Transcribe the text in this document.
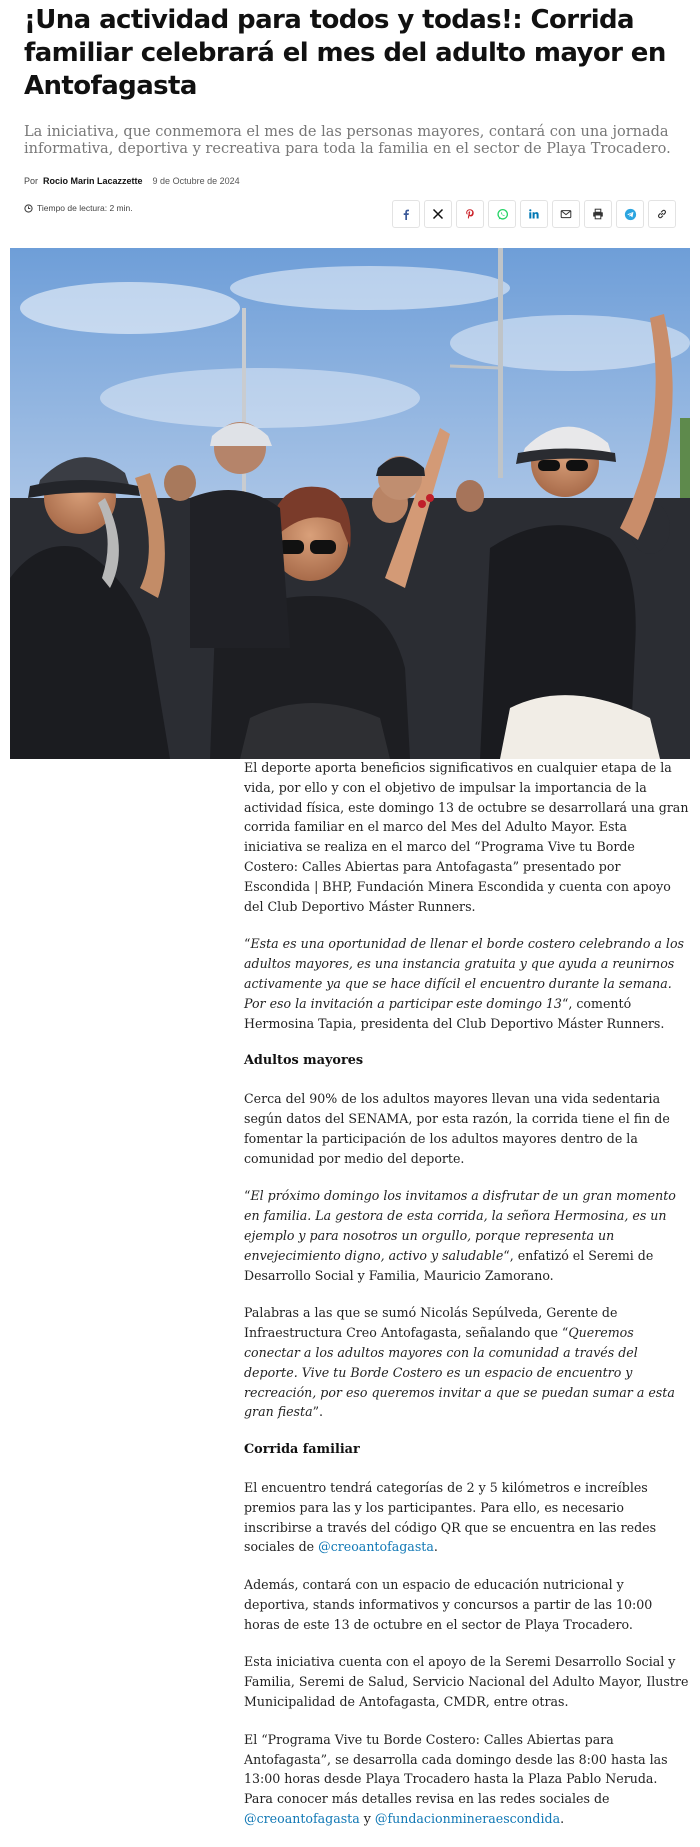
¡Una actividad para todos y todas!: Corrida familiar celebrará el mes del adulto mayor en Antofagasta

La iniciativa, que conmemora el mes de las personas mayores, contará con una jornada informativa, deportiva y recreativa para toda la familia en el sector de Playa Trocadero.

Por Rocio Marin Lacazzette 9 de Octubre de 2024
Tiempo de lectura: 2 min.

El deporte aporta beneficios significativos en cualquier etapa de la vida, por ello y con el objetivo de impulsar la importancia de la actividad física, este domingo 13 de octubre se desarrollará una gran corrida familiar en el marco del Mes del Adulto Mayor. Esta iniciativa se realiza en el marco del “Programa Vive tu Borde Costero: Calles Abiertas para Antofagasta” presentado por Escondida | BHP, Fundación Minera Escondida y cuenta con apoyo del Club Deportivo Máster Runners.

“Esta es una oportunidad de llenar el borde costero celebrando a los adultos mayores, es una instancia gratuita y que ayuda a reunirnos activamente ya que se hace difícil el encuentro durante la semana. Por eso la invitación a participar este domingo 13“, comentó Hermosina Tapia, presidenta del Club Deportivo Máster Runners.

Adultos mayores

Cerca del 90% de los adultos mayores llevan una vida sedentaria según datos del SENAMA, por esta razón, la corrida tiene el fin de fomentar la participación de los adultos mayores dentro de la comunidad por medio del deporte.

“El próximo domingo los invitamos a disfrutar de un gran momento en familia. La gestora de esta corrida, la señora Hermosina, es un ejemplo y para nosotros un orgullo, porque representa un envejecimiento digno, activo y saludable“, enfatizó el Seremi de Desarrollo Social y Familia, Mauricio Zamorano.

Palabras a las que se sumó Nicolás Sepúlveda, Gerente de Infraestructura Creo Antofagasta, señalando que “Queremos conectar a los adultos mayores con la comunidad a través del deporte. Vive tu Borde Costero es un espacio de encuentro y recreación, por eso queremos invitar a que se puedan sumar a esta gran fiesta”.

Corrida familiar

El encuentro tendrá categorías de 2 y 5 kilómetros e increíbles premios para las y los participantes. Para ello, es necesario inscribirse a través del código QR que se encuentra en las redes sociales de @creoantofagasta.

Además, contará con un espacio de educación nutricional y deportiva, stands informativos y concursos a partir de las 10:00 horas de este 13 de octubre en el sector de Playa Trocadero.

Esta iniciativa cuenta con el apoyo de la Seremi Desarrollo Social y Familia, Seremi de Salud, Servicio Nacional del Adulto Mayor, Ilustre Municipalidad de Antofagasta, CMDR, entre otras.

El “Programa Vive tu Borde Costero: Calles Abiertas para Antofagasta”, se desarrolla cada domingo desde las 8:00 hasta las 13:00 horas desde Playa Trocadero hasta la Plaza Pablo Neruda. Para conocer más detalles revisa en las redes sociales de @creoantofagasta y @fundacionmineraescondida.
